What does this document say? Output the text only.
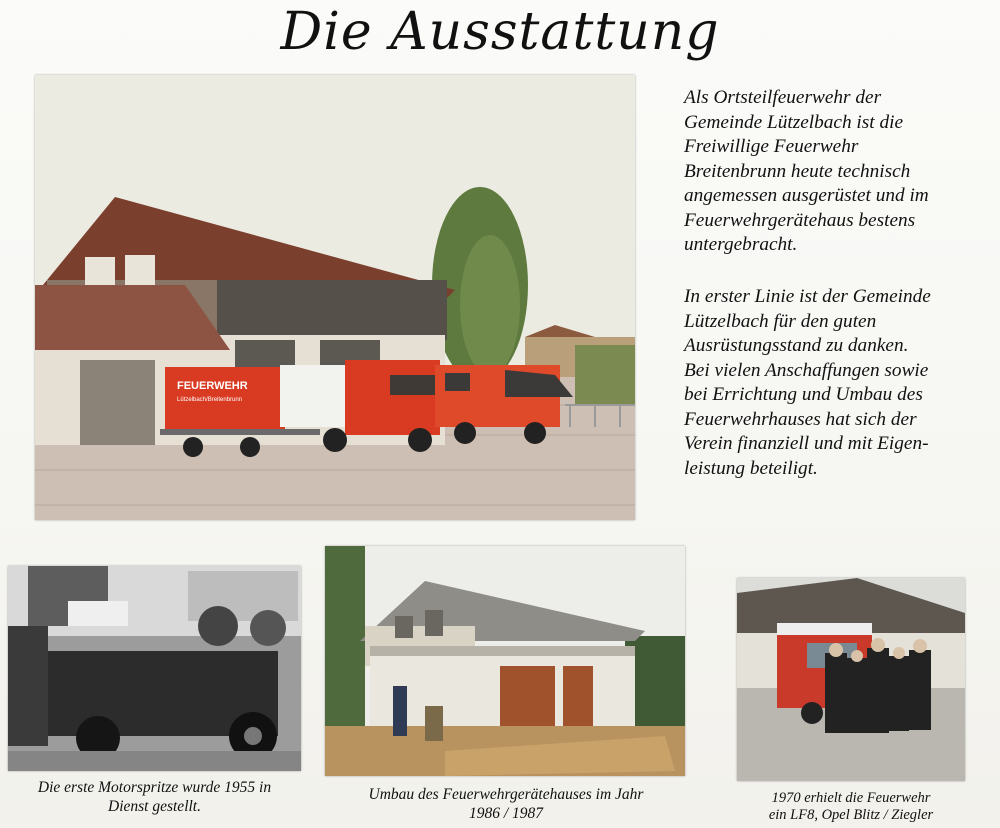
Die Ausstattung
FEUERWEHR
Lützelbach/Breitenbrunn
Als Ortsteilfeuerwehr der
Gemeinde Lützelbach ist die
Freiwillige Feuerwehr
Breitenbrunn heute technisch
angemessen ausgerüstet und im
Feuerwehrgerätehaus bestens
untergebracht.
In erster Linie ist der Gemeinde
Lützelbach für den guten
Ausrüstungsstand zu danken.
Bei vielen Anschaffungen sowie
bei Errichtung und Umbau des
Feuerwehrhauses hat sich der
Verein finanziell und mit Eigen-
leistung beteiligt.
Die erste Motorspritze wurde 1955 in
Dienst gestellt.
Umbau des Feuerwehrgerätehauses im Jahr
1986 / 1987
1970 erhielt die Feuerwehr
ein LF8, Opel Blitz / Ziegler
